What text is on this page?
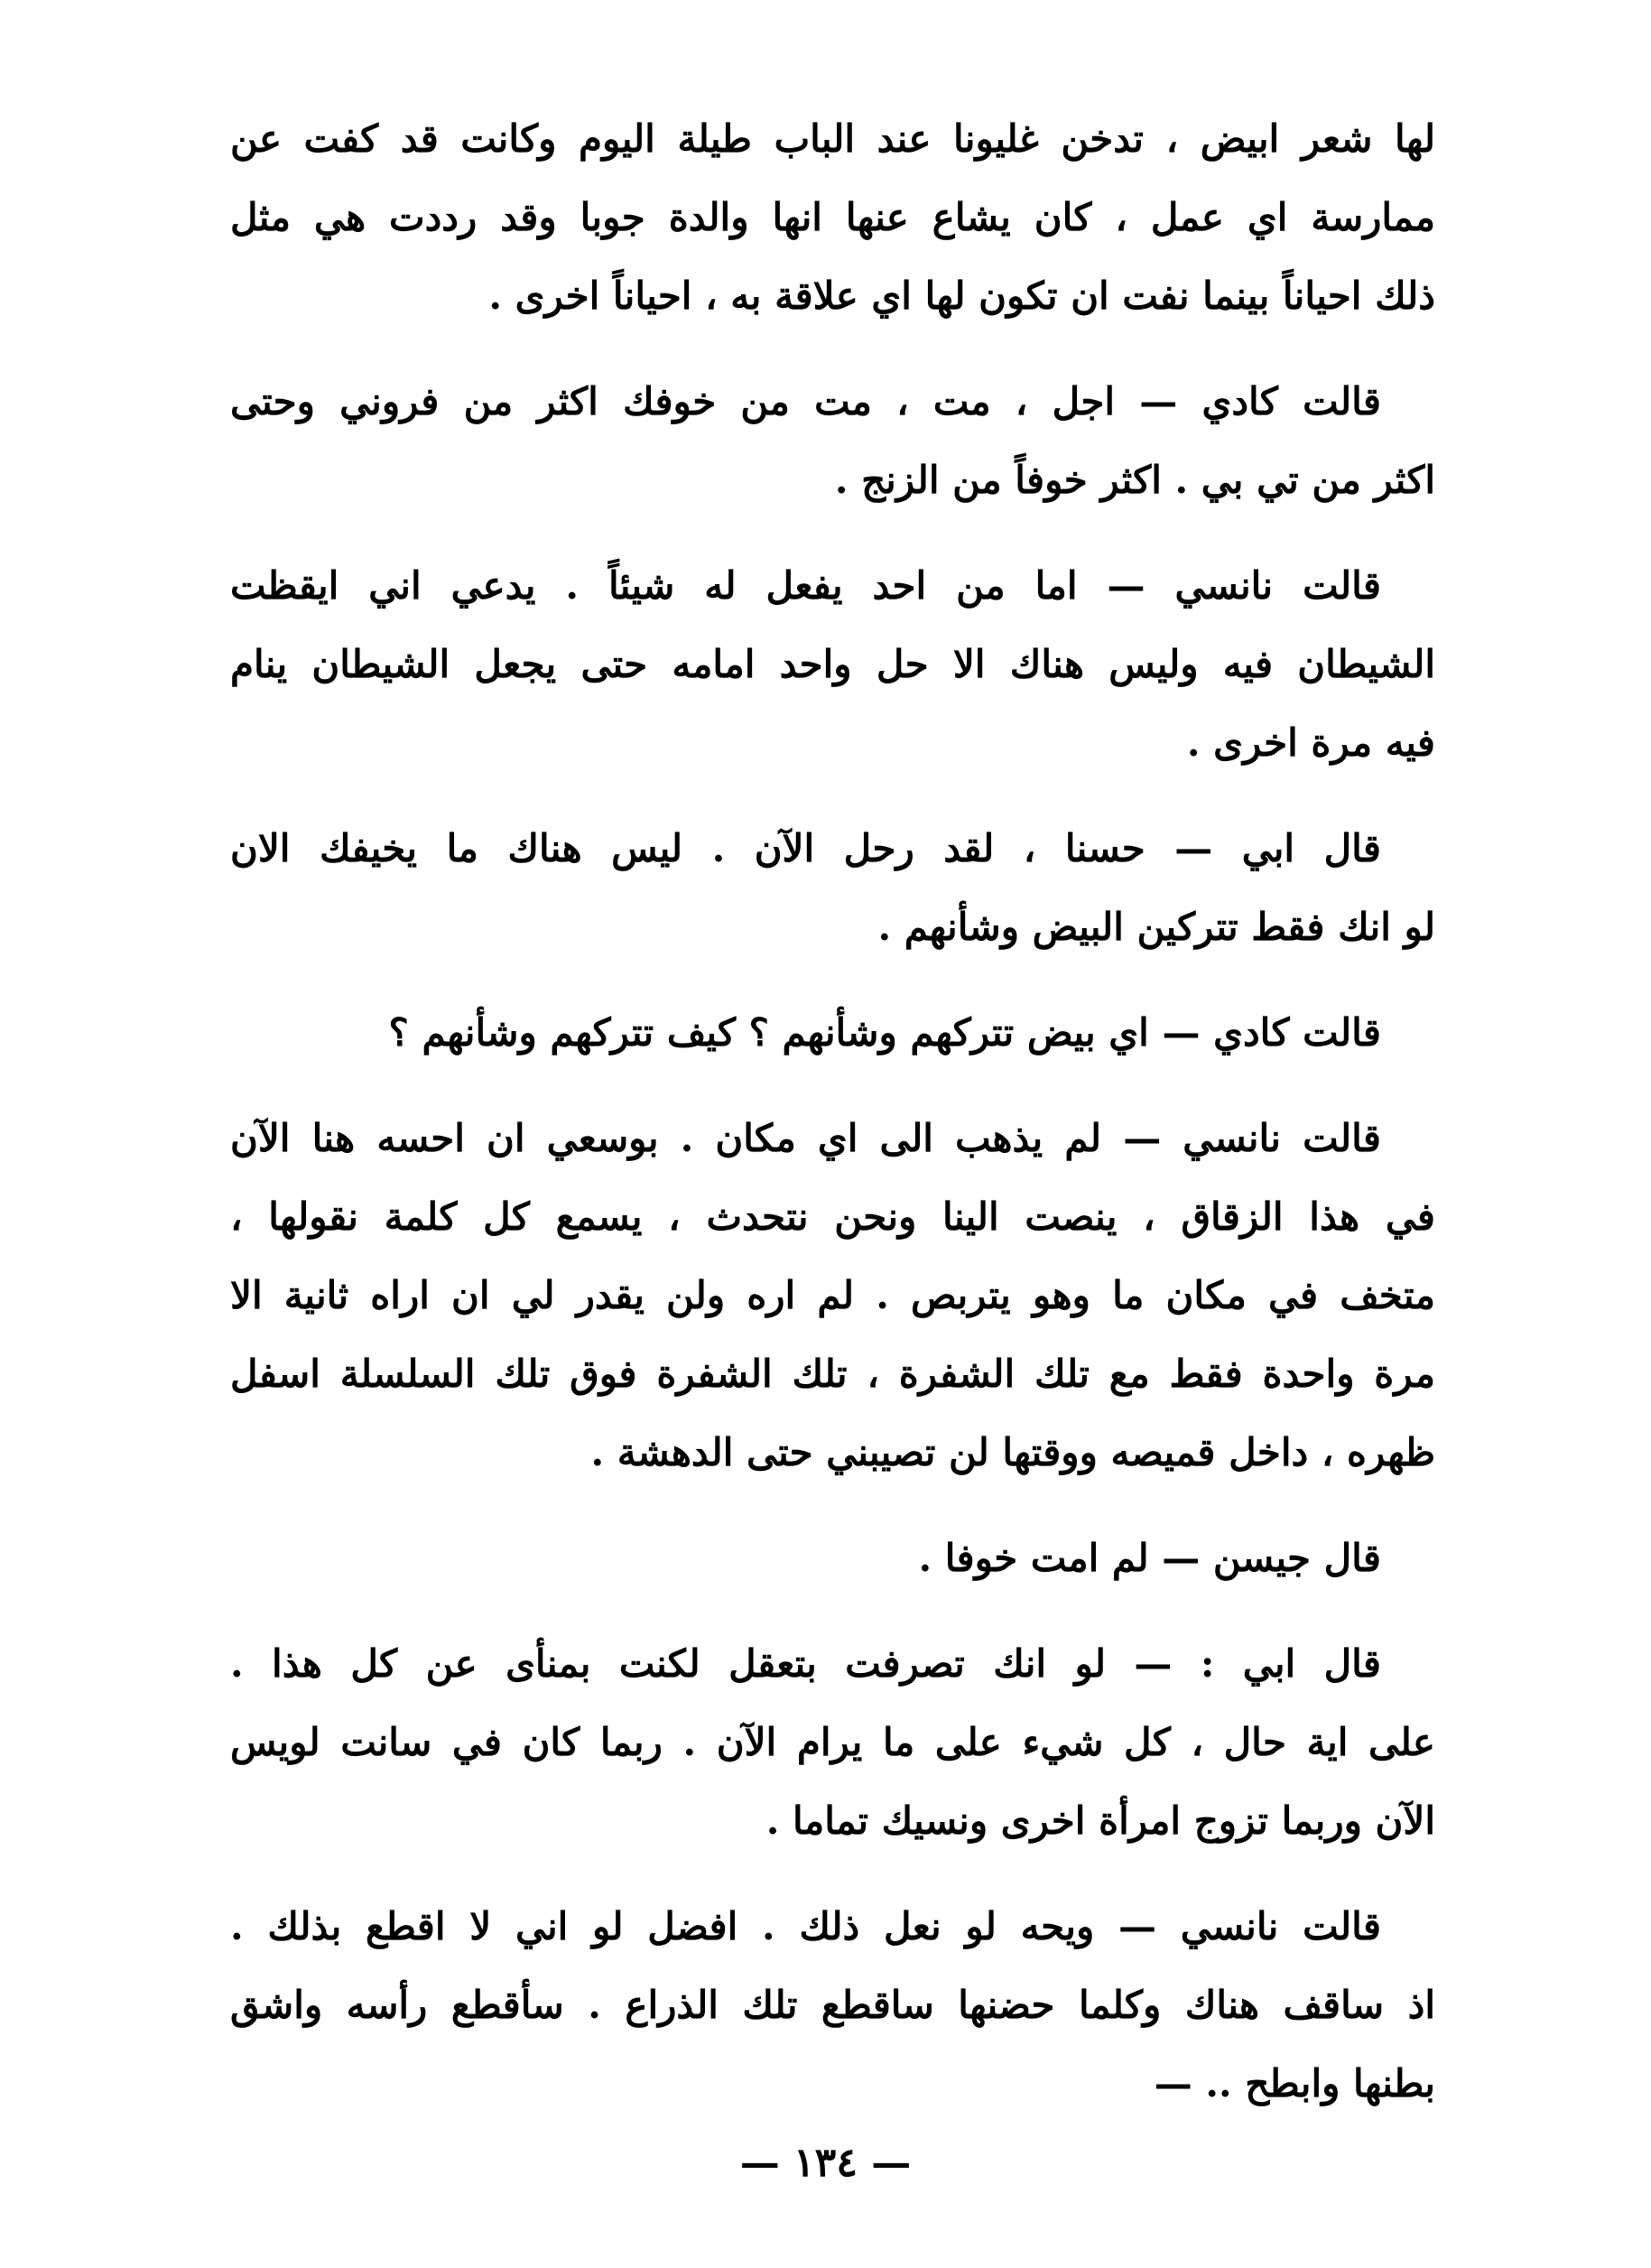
لها شعر ابيض ، تدخن غليونا عند الباب طيلة اليوم وكانت قد كفت عن
ممارسة اي عمل ، كان يشاع عنها انها والدة جوبا وقد رددت هي مثل
ذلك احياناً بينما نفت ان تكون لها اي علاقة به ، احياناً اخرى .
قالت كادي — اجل ، مت ، مت من خوفك اكثر من فروني وحتى
اكثر من تي بي . اكثر خوفاً من الزنج .
قالت نانسي — اما من احد يفعل له شيئاً . يدعي اني ايقظت
الشيطان فيه وليس هناك الا حل واحد امامه حتى يجعل الشيطان ينام
فيه مرة اخرى .
قال ابي — حسنا ، لقد رحل الآن . ليس هناك ما يخيفك الان
لو انك فقط تتركين البيض وشأنهم .
قالت كادي — اي بيض تتركهم وشأنهم ؟ كيف تتركهم وشأنهم ؟
قالت نانسي — لم يذهب الى اي مكان . بوسعي ان احسه هنا الآن
في هذا الزقاق ، ينصت الينا ونحن نتحدث ، يسمع كل كلمة نقولها ،
متخف في مكان ما وهو يتربص . لم اره ولن يقدر لي ان اراه ثانية الا
مرة واحدة فقط مع تلك الشفرة ، تلك الشفرة فوق تلك السلسلة اسفل
ظهره ، داخل قميصه ووقتها لن تصيبني حتى الدهشة .
قال جيسن — لم امت خوفا .
قال ابي : — لو انك تصرفت بتعقل لكنت بمنأى عن كل هذا .
على اية حال ، كل شيء على ما يرام الآن . ربما كان في سانت لويس
الآن وربما تزوج امرأة اخرى ونسيك تماما .
قالت نانسي — ويحه لو نعل ذلك . افضل لو اني لا اقطع بذلك .
اذ ساقف هناك وكلما حضنها ساقطع تلك الذراع . سأقطع رأسه واشق
بطنها وابطح .. —
— ١٣٤ —
